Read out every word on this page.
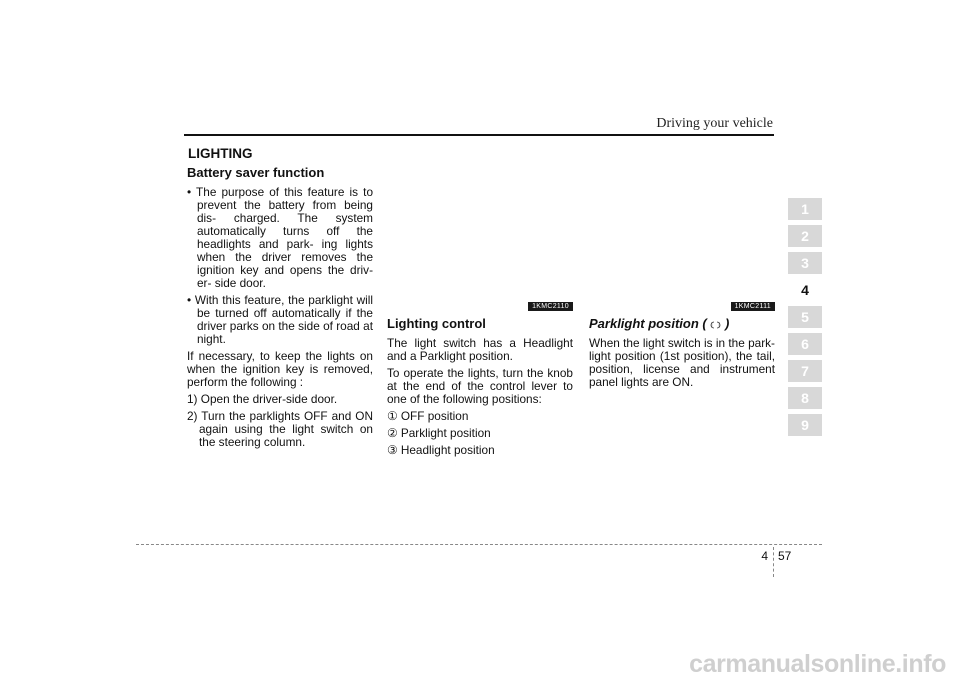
Driving your vehicle
LIGHTING
Battery saver function

• The purpose of this feature is to prevent the battery from being dis- charged. The system automatically turns off the headlights and park- ing lights when the driver removes the ignition key and opens the driv- er- side door.

• With this feature, the parklight will be turned off automatically if the driver parks on the side of road at night.

If necessary, to keep the lights on when the ignition key is removed, perform the following :

1) Open the driver-side door.

2) Turn the parklights OFF and ON again using the light switch on the steering column.

1KMC2110	1KMC2111
Lighting control

The light switch has a Headlight and a Parklight position.

To operate the lights, turn the knob at the end of the control lever to one of the following positions:

① OFF position

② Parklight position

③ Headlight position

Parklight position ( )

When the light switch is in the park- light position (1st position), the tail, position, license and instrument panel lights are ON.

1
2
3
4
5
6
7
8
9
4 57
carmanualsonline.info
